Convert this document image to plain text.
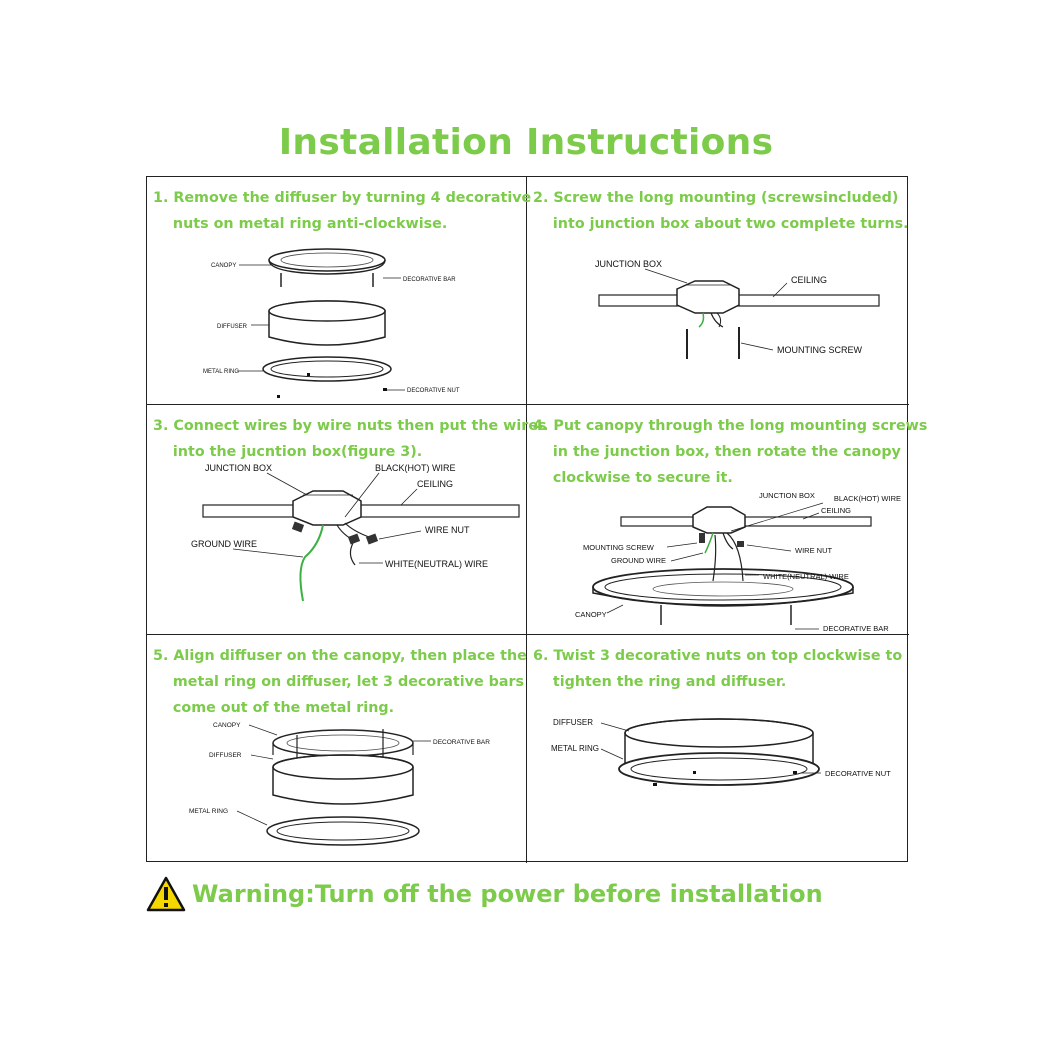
Installation Instructions
1. Remove the diffuser by turning 4 decorative
nuts on metal ring anti-clockwise.
CANOPY
DECORATIVE BAR
DIFFUSER
METAL RING
DECORATIVE NUT
2. Screw the long mounting (screwsincluded)
into junction box about two complete turns.
JUNCTION BOX
CEILING
MOUNTING SCREW
3. Connect wires by wire nuts then put the wires
into the jucntion box(figure 3).
JUNCTION BOX	BLACK(HOT) WIRE
CEILING
WIRE NUT
GROUND WIRE
WHITE(NEUTRAL) WIRE
4. Put canopy through the long mounting screws
in the junction box, then rotate the canopy
clockwise to secure it.
JUNCTION BOX	BLACK(HOT) WIRE
CEILING
MOUNTING SCREW
GROUND WIRE
WIRE NUT
WHITE(NEUTRAL) WIRE
CANOPY
DECORATIVE BAR
5. Align diffuser on the canopy, then place the
metal ring on diffuser, let 3 decorative bars
come out of the metal ring.
CANOPY
DECORATIVE BAR
DIFFUSER
METAL RING
6. Twist 3 decorative nuts on top clockwise to
tighten the ring and diffuser.
DECORATIVE NUT
DIFFUSER
METAL RING
Warning:Turn off the power before installation
